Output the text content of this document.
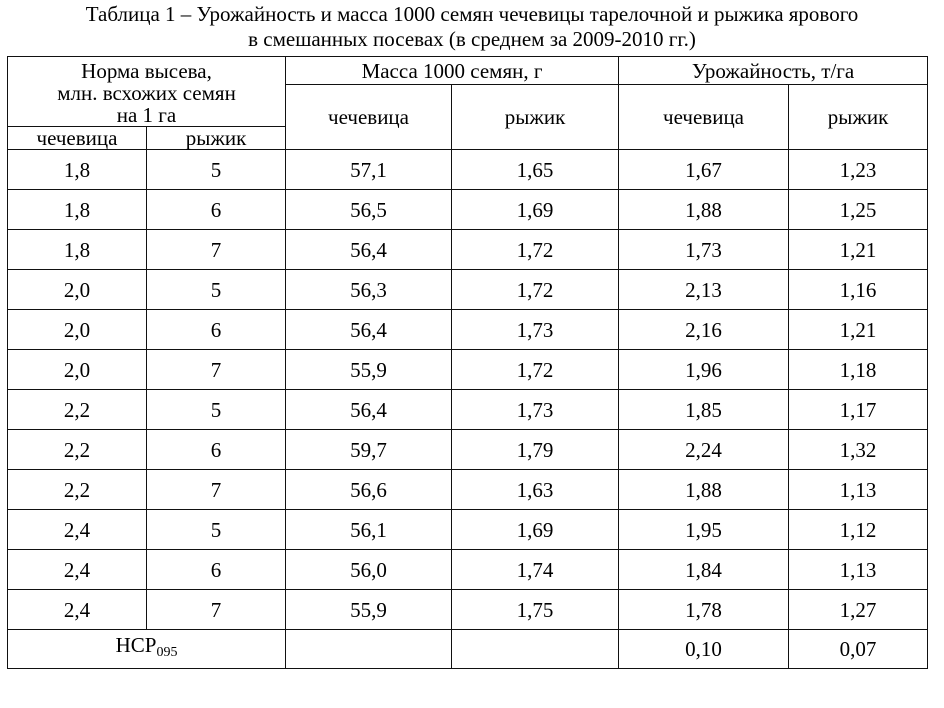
Таблица 1 – Урожайность и масса 1000 семян чечевицы тарелочной и рыжика ярового
в смешанных посевах (в среднем за 2009-2010 гг.)
Норма высева,
млн. всхожих семян
на 1 га		Масса 1000 семян, г		Урожайность, т/га	
		чечевица	рыжик	чечевица	рыжик
чечевица	рыжик				
1,8	5	57,1	1,65	1,67	1,23
1,8	6	56,5	1,69	1,88	1,25
1,8	7	56,4	1,72	1,73	1,21
2,0	5	56,3	1,72	2,13	1,16
2,0	6	56,4	1,73	2,16	1,21
2,0	7	55,9	1,72	1,96	1,18
2,2	5	56,4	1,73	1,85	1,17
2,2	6	59,7	1,79	2,24	1,32
2,2	7	56,6	1,63	1,88	1,13
2,4	5	56,1	1,69	1,95	1,12
2,4	6	56,0	1,74	1,84	1,13
2,4	7	55,9	1,75	1,78	1,27
$НСР_{095}$				0,10	0,07
